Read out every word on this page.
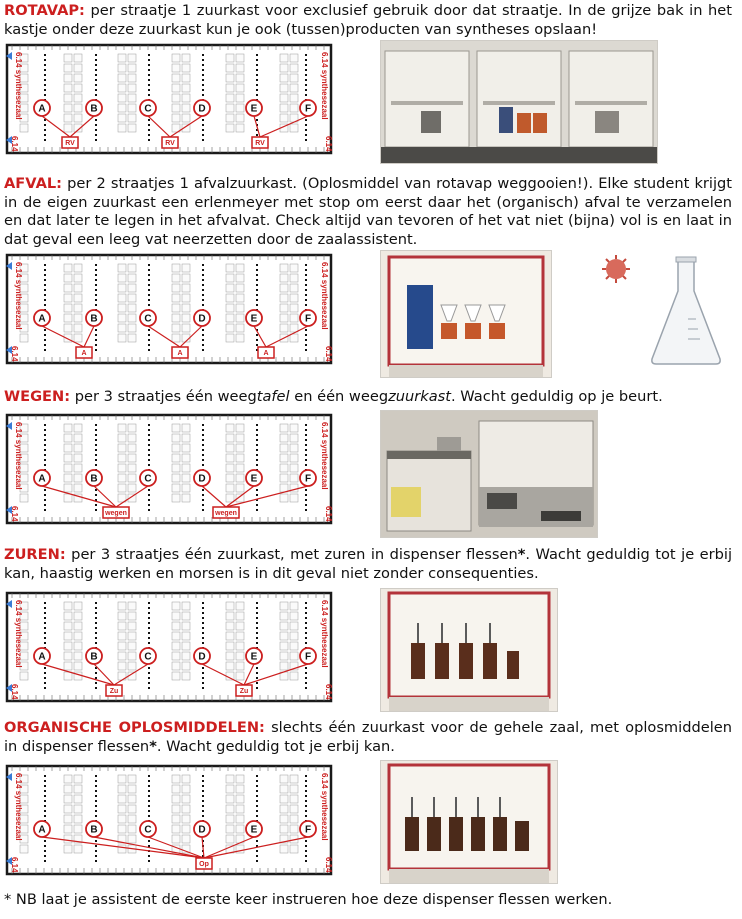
ROTAVAP: per straatje 1 zuurkast voor exclusief gebruik door dat straatje. In de grijze bak in het kastje onder deze zuurkast kun je ook (tussen)producten van syntheses opslaan!

6.14 synthesezaal	6.14 synthesezaal
6.14	6.14
RV	RV	RV
A	B	C	D	E	F

AFVAL: per 2 straatjes 1 afvalzuurkast. (Oplosmiddel van rotavap weggooien!). Elke student krijgt in de eigen zuurkast een erlenmeyer met stop om eerst daar het (organisch) afval te verzamelen en dat later te legen in het afvalvat. Check altijd van tevoren of het vat niet (bijna) vol is en laat in dat geval een leeg vat neerzetten door de zaalassistent.

6.14 synthesezaal	6.14 synthesezaal
6.14	6.14
A	A	A
A	B	C	D	E	F

WEGEN: per 3 straatjes één weegtafel en één weegzuurkast. Wacht geduldig op je beurt.

6.14 synthesezaal	6.14 synthesezaal
6.14	6.14
wegen	wegen
A	B	C	D	E	F

ZUREN: per 3 straatjes één zuurkast, met zuren in dispenser flessen*. Wacht geduldig tot je erbij kan, haastig werken en morsen is in dit geval niet zonder consequenties.

6.14 synthesezaal	6.14 synthesezaal
6.14	6.14
Zu	Zu
A	B	C	D	E	F

ORGANISCHE OPLOSMIDDELEN: slechts één zuurkast voor de gehele zaal, met oplosmiddelen in dispenser flessen*. Wacht geduldig tot je erbij kan.

6.14 synthesezaal	6.14 synthesezaal
6.14	6.14
Op
A	B	C	D	E	F

* NB laat je assistent de eerste keer instrueren hoe deze dispenser flessen werken.
